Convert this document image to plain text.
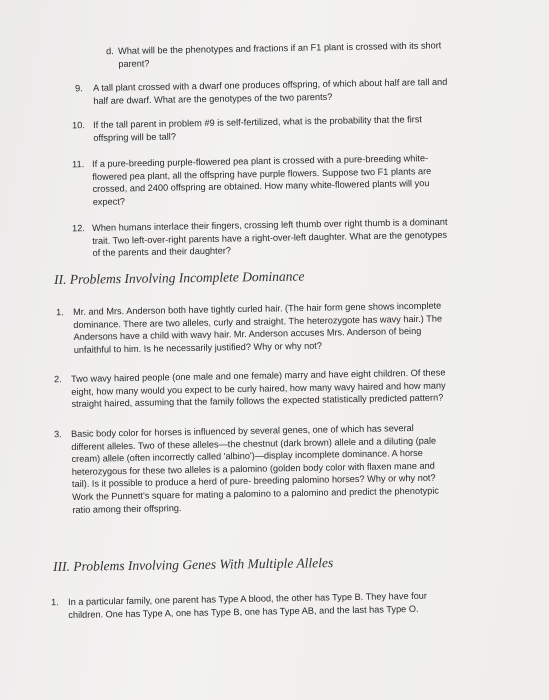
d. What will be the phenotypes and fractions if an F1 plant is crossed with its short
parent?
9. A tall plant crossed with a dwarf one produces offspring, of which about half are tall and
half are dwarf. What are the genotypes of the two parents?
10. If the tall parent in problem #9 is self-fertilized, what is the probability that the first
offspring will be tall?
11. If a pure-breeding purple-flowered pea plant is crossed with a pure-breeding white-
flowered pea plant, all the offspring have purple flowers. Suppose two F1 plants are
crossed, and 2400 offspring are obtained. How many white-flowered plants will you
expect?
12. When humans interlace their fingers, crossing left thumb over right thumb is a dominant
trait. Two left-over-right parents have a right-over-left daughter. What are the genotypes
of the parents and their daughter?
II. Problems Involving Incomplete Dominance
1. Mr. and Mrs. Anderson both have tightly curled hair. (The hair form gene shows incomplete
dominance. There are two alleles, curly and straight. The heterozygote has wavy hair.) The
Andersons have a child with wavy hair. Mr. Anderson accuses Mrs. Anderson of being
unfaithful to him. Is he necessarily justified? Why or why not?
2. Two wavy haired people (one male and one female) marry and have eight children. Of these
eight, how many would you expect to be curly haired, how many wavy haired and how many
straight haired, assuming that the family follows the expected statistically predicted pattern?
3. Basic body color for horses is influenced by several genes, one of which has several
different alleles. Two of these alleles—the chestnut (dark brown) allele and a diluting (pale
cream) allele (often incorrectly called 'albino')—display incomplete dominance. A horse
heterozygous for these two alleles is a palomino (golden body color with flaxen mane and
tail). Is it possible to produce a herd of pure- breeding palomino horses? Why or why not?
Work the Punnett's square for mating a palomino to a palomino and predict the phenotypic
ratio among their offspring.
III. Problems Involving Genes With Multiple Alleles
1. In a particular family, one parent has Type A blood, the other has Type B. They have four
children. One has Type A, one has Type B, one has Type AB, and the last has Type O.
